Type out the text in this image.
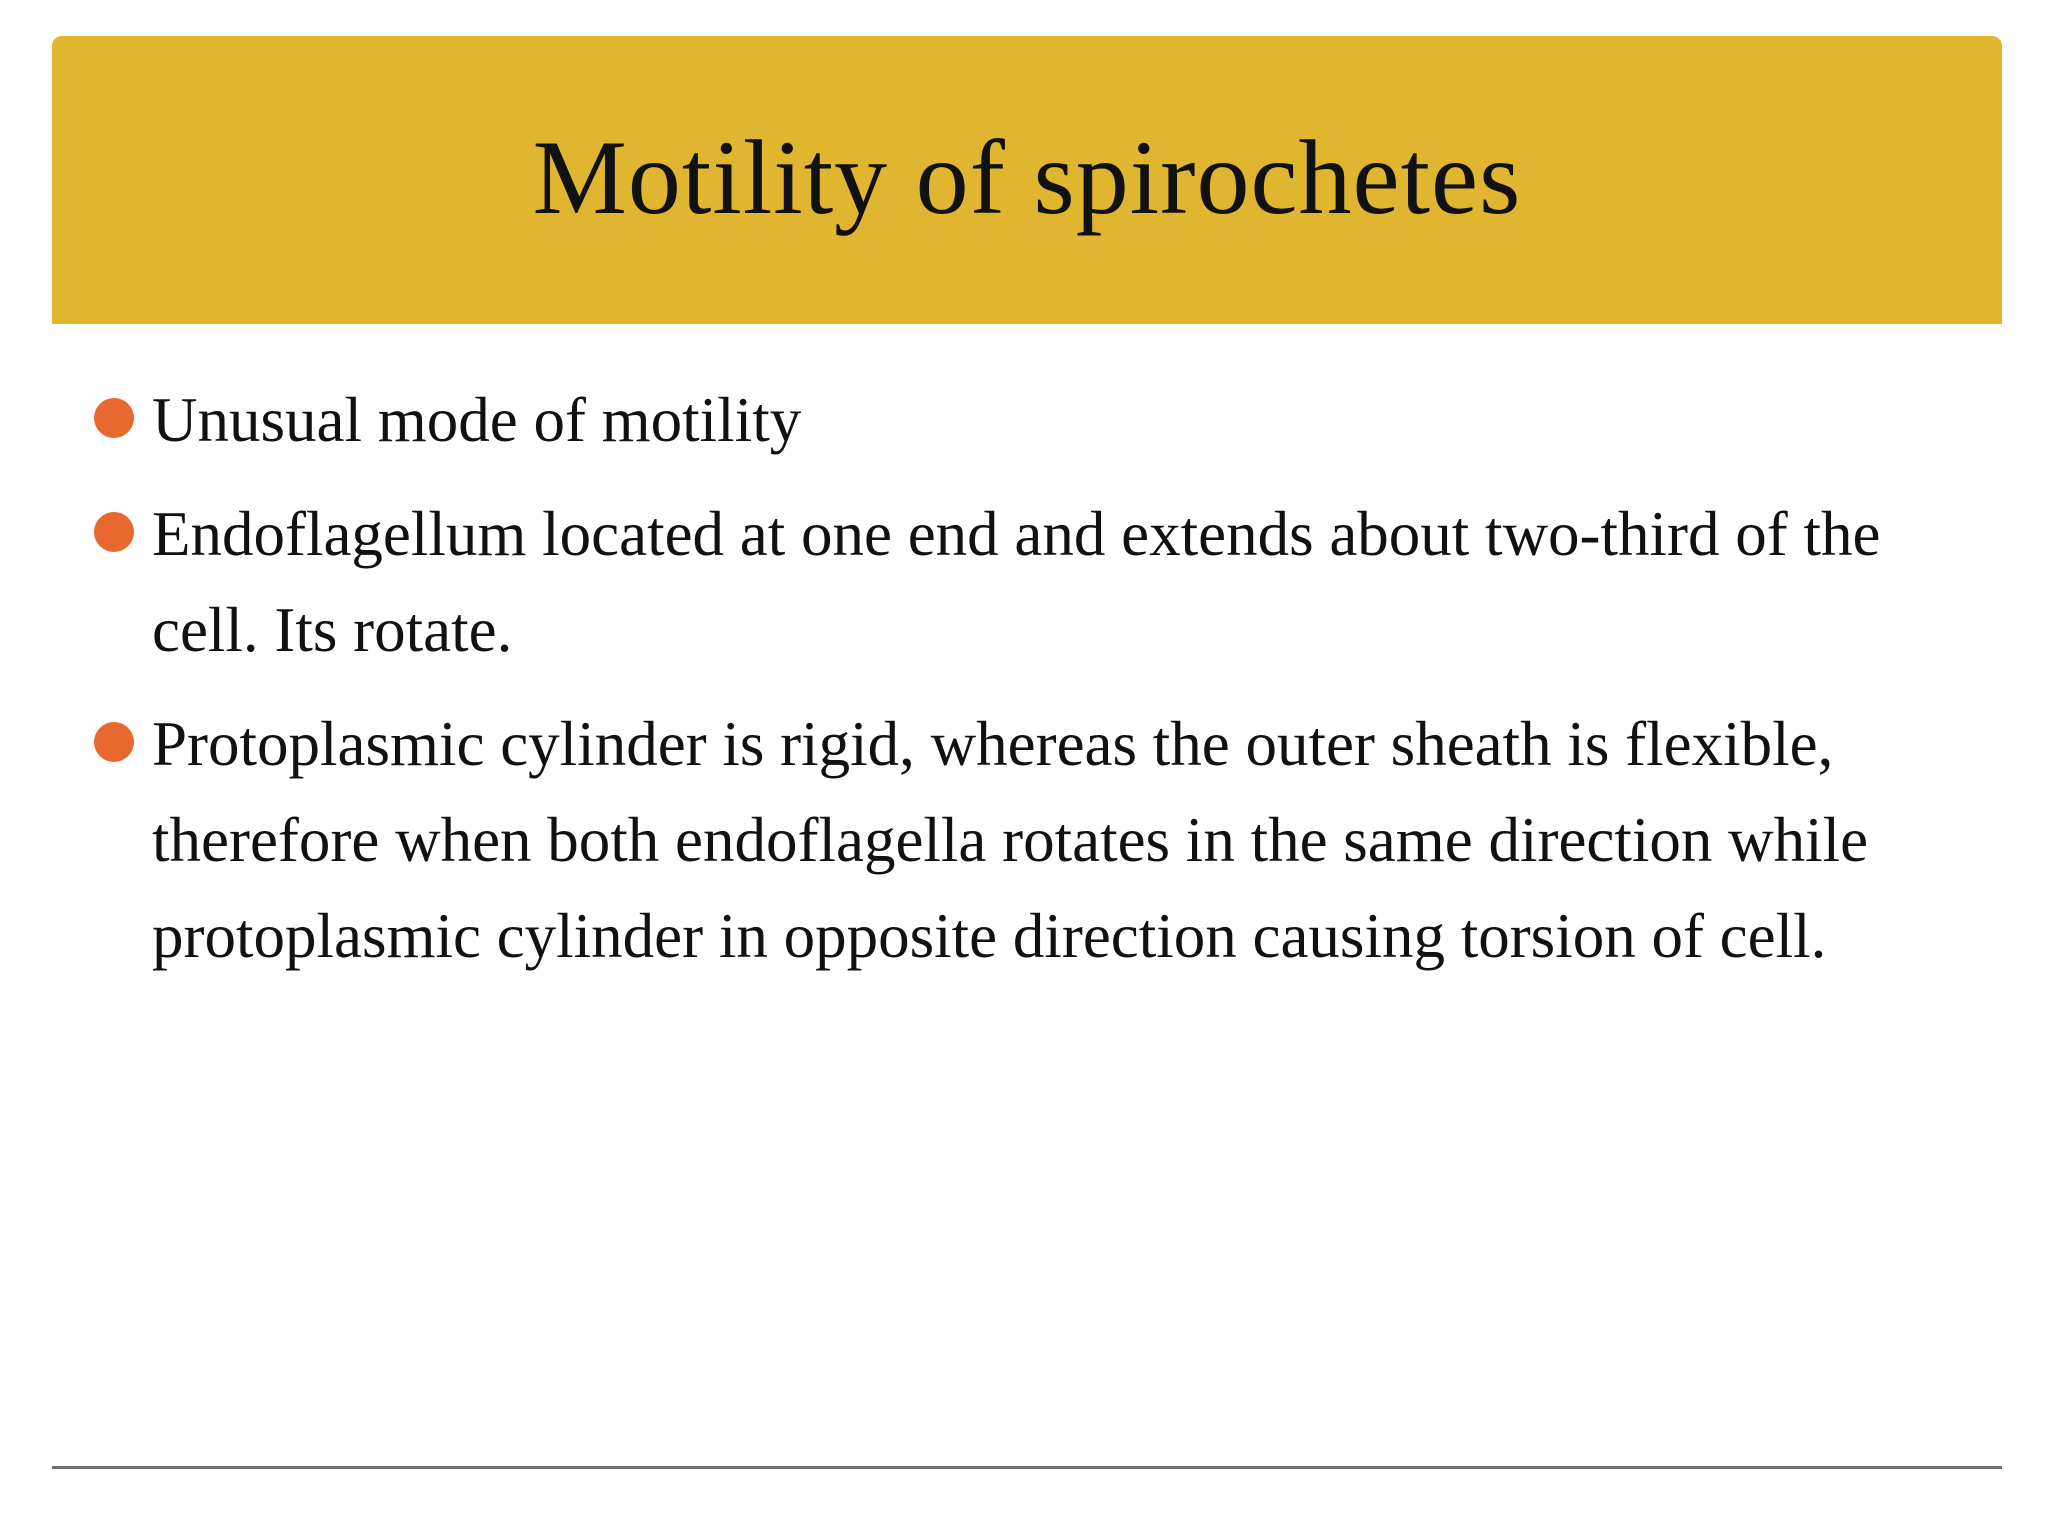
Motility of spirochetes
Unusual mode of motility
Endoflagellum located at one end and extends about two-third of the cell. Its rotate.
Protoplasmic cylinder is rigid, whereas the outer sheath is flexible, therefore when both endoflagella rotates in the same direction while protoplasmic cylinder in opposite direction causing torsion of cell.
